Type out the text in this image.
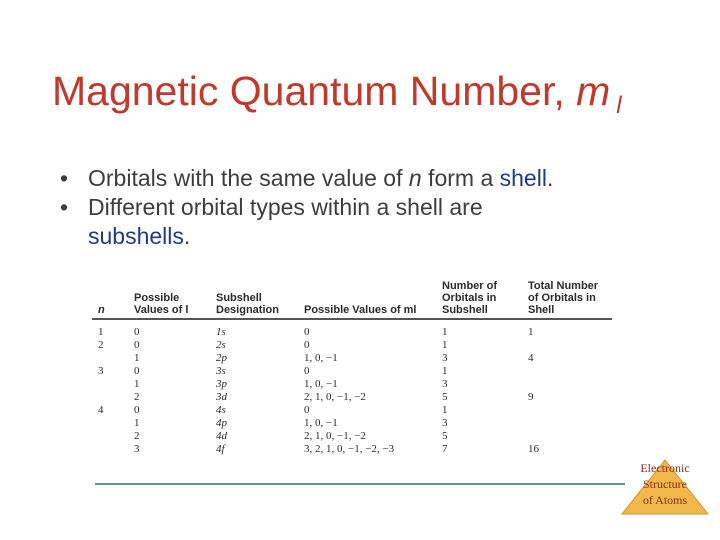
Magnetic Quantum Number, m $_l$
• Orbitals with the same value of n form a shell.
• Different orbital types within a shell are
subshells.
n	Possible Values of l	Subshell Designation	Possible Values of ml	Number of Orbitals in Subshell	Total Number of Orbitals in Shell
1	0	1s	0	1	1
2	0	2s	0	1	
	1	2p	1, 0, −1	3	4
3	0	3s	0	1	
	1	3p	1, 0, −1	3	
	2	3d	2, 1, 0, −1, −2	5	9
4	0	4s	0	1	
	1	4p	1, 0, −1	3	
	2	4d	2, 1, 0, −1, −2	5	
	3	4f	3, 2, 1, 0, −1, −2, −3	7	16
Electronic
Structure
of Atoms
